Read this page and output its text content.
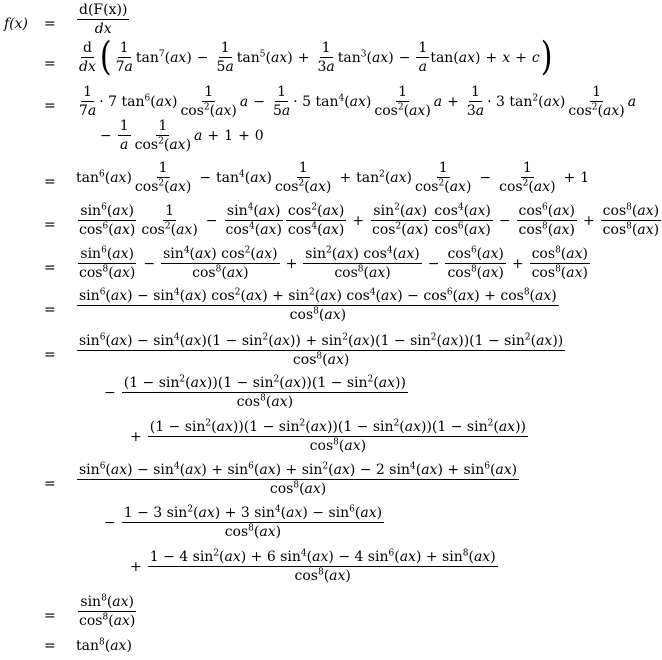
$f(x) = \frac{d(F(x))}{dx}$
= $\frac{d}{dx}$ ( $\frac{1}{7a} \tan^7(ax) - \frac{1}{5a} \tan^5(ax) + \frac{1}{3a} \tan^3(ax) - \frac{1}{a} \tan(ax) + x + c$ )
= $\frac{1}{7a} \cdot 7$ $\tan^6(ax) \frac{1}{\cos^2(ax)}$ $a - \frac{1}{5a} \cdot 5$ $\tan^4(ax) \frac{1}{\cos^2(ax)}$ $a + \frac{1}{3a} \cdot 3$ $\tan^2(ax) \frac{1}{\cos^2(ax)}$ a
− $\frac{1}{a} \frac{1}{\cos^2(ax)}$ a + 1 + 0
= $\tan^6(ax) \frac{1}{\cos^2(ax)} - \tan^4(ax) \frac{1}{\cos^2(ax)} + \tan^2(ax) \frac{1}{\cos^2(ax)} - \frac{1}{\cos^2(ax)} + 1$
= $\frac{\sin^6(ax)}{\cos^6(ax)} \frac{1}{\cos^2(ax)} - \frac{\sin^4(ax)}{\cos^4(ax)} \frac{\cos^2(ax)}{\cos^4(ax)} + \frac{\sin^2(ax)}{\cos^2(ax)} \frac{\cos^4(ax)}{\cos^6(ax)} - \frac{\cos^6(ax)}{\cos^8(ax)} + \frac{\cos^8(ax)}{\cos^8(ax)}$
= $\frac{\sin^6(ax)}{\cos^8(ax)} - \frac{\sin^4(ax) \cos^2(ax)}{\cos^8(ax)} + \frac{\sin^2(ax) \cos^4(ax)}{\cos^8(ax)} - \frac{\cos^6(ax)}{\cos^8(ax)} + \frac{\cos^8(ax)}{\cos^8(ax)}$
=
$\sin^6(ax) - \sin^4(ax) \cos^2(ax) + \sin^2(ax) \cos^4(ax) - \cos^6(ax) + \cos^8(ax)$
$\cos^8(ax)$
=
$\sin^6(ax) - \sin^4(ax)(1 - \sin^2(ax)) + \sin^2(ax)(1 - \sin^2(ax))(1 - \sin^2(ax))$
$\cos^8(ax)$
− $\frac{(1 - \sin^2(ax))(1 - \sin^2(ax))(1 - \sin^2(ax))}{\cos^8(ax)}$
+ $\frac{(1 - \sin^2(ax))(1 - \sin^2(ax))(1 - \sin^2(ax))(1 - \sin^2(ax))}{\cos^8(ax)}$
=
$\sin^6(ax) - \sin^4(ax) + \sin^6(ax) + \sin^2(ax) - 2$ $\sin^4(ax) + \sin^6(ax)$
$\cos^8(ax)$
− $\frac{1 - 3 \sin^2(ax) + 3 \sin^4(ax) - \sin^6(ax)}{\cos^8(ax)}$
+ $\frac{1 - 4 \sin^2(ax) + 6 \sin^4(ax) - 4 \sin^6(ax) + \sin^8(ax)}{\cos^8(ax)}$
= $\frac{\sin^8(ax)}{\cos^8(ax)}$
= $\tan^8(ax)$
